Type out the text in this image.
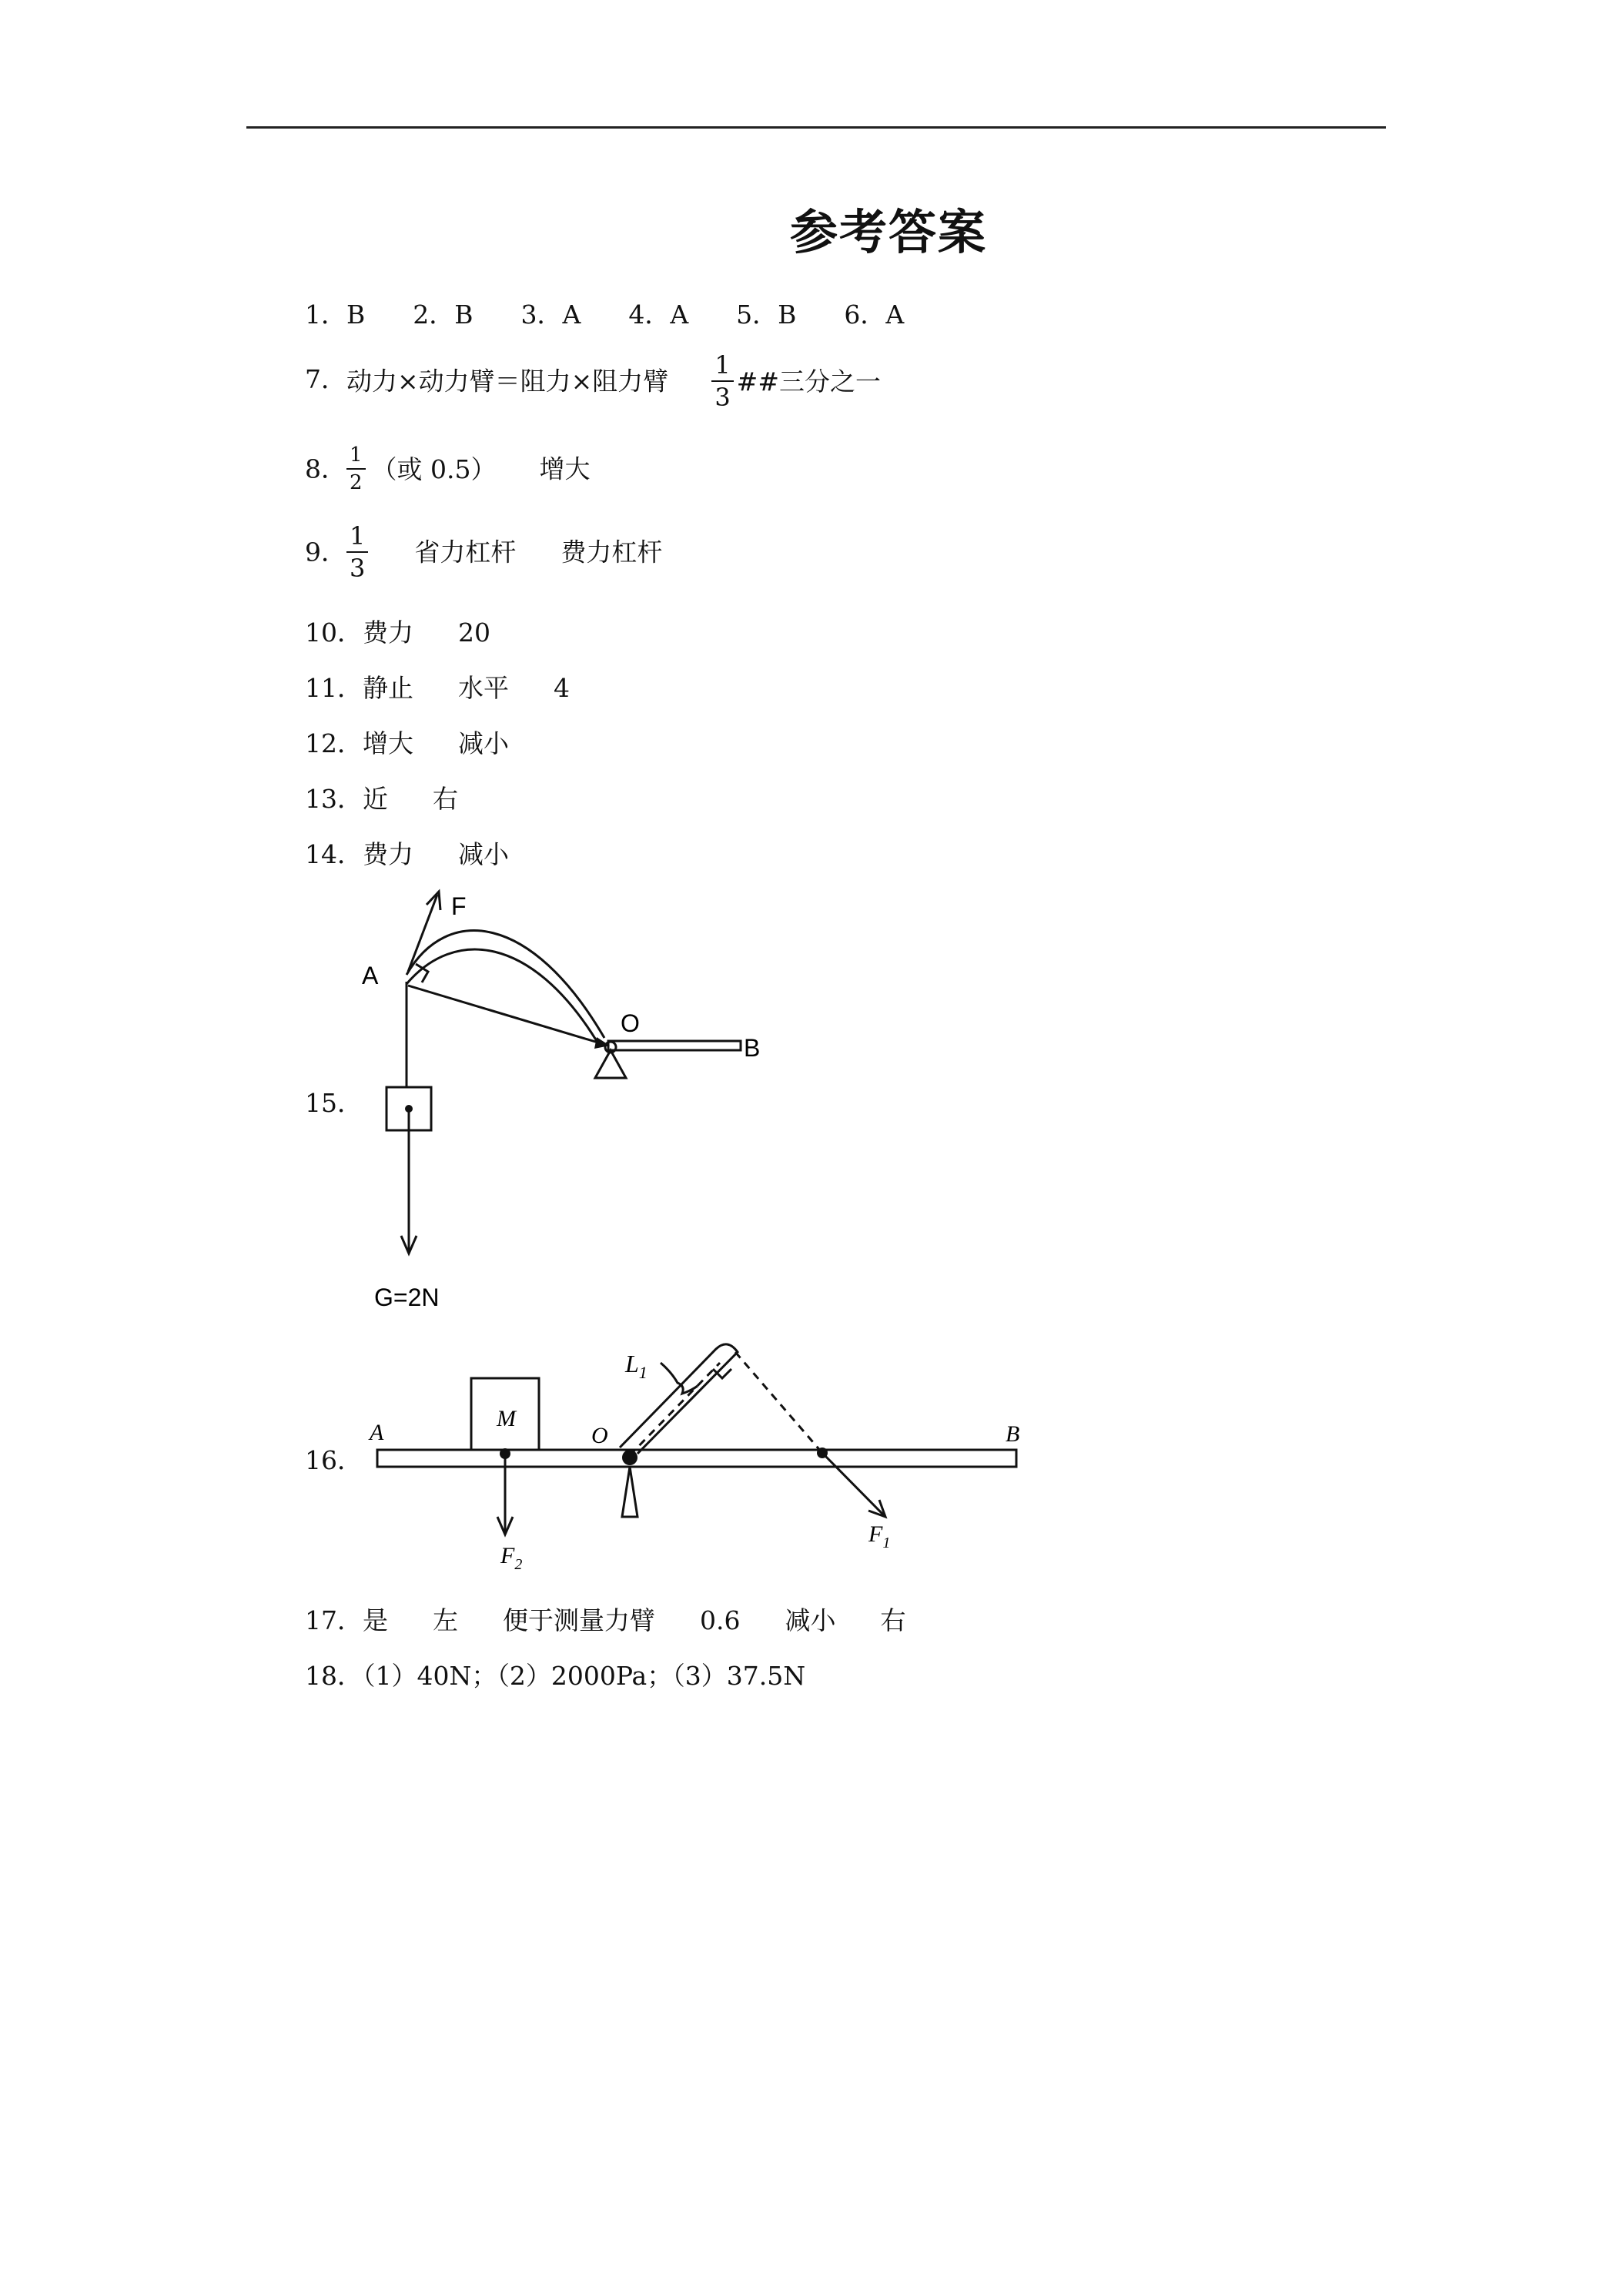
参考答案
1．B 2．B 3．A 4．A 5．B 6．A
7．动力×动力臂＝阻力×阻力臂 $\frac{1}{3}$ ##三分之一
8． $\frac{1}{2}$ （或 0.5） 增大
9． $\frac{1}{3}$ 省力杠杆 费力杠杆
10．费力 20
11．静止 水平 4
12．增大 减小
13．近 右
14．费力 减小
15．
F
A
O
B
G=2N
16．
$L_1$
M
A	O	B
$F_2$
$F_1$
17．是 左 便于测量力臂 0.6 减小 右
18．（1）40N；（2）2000Pa；（3）37.5N
